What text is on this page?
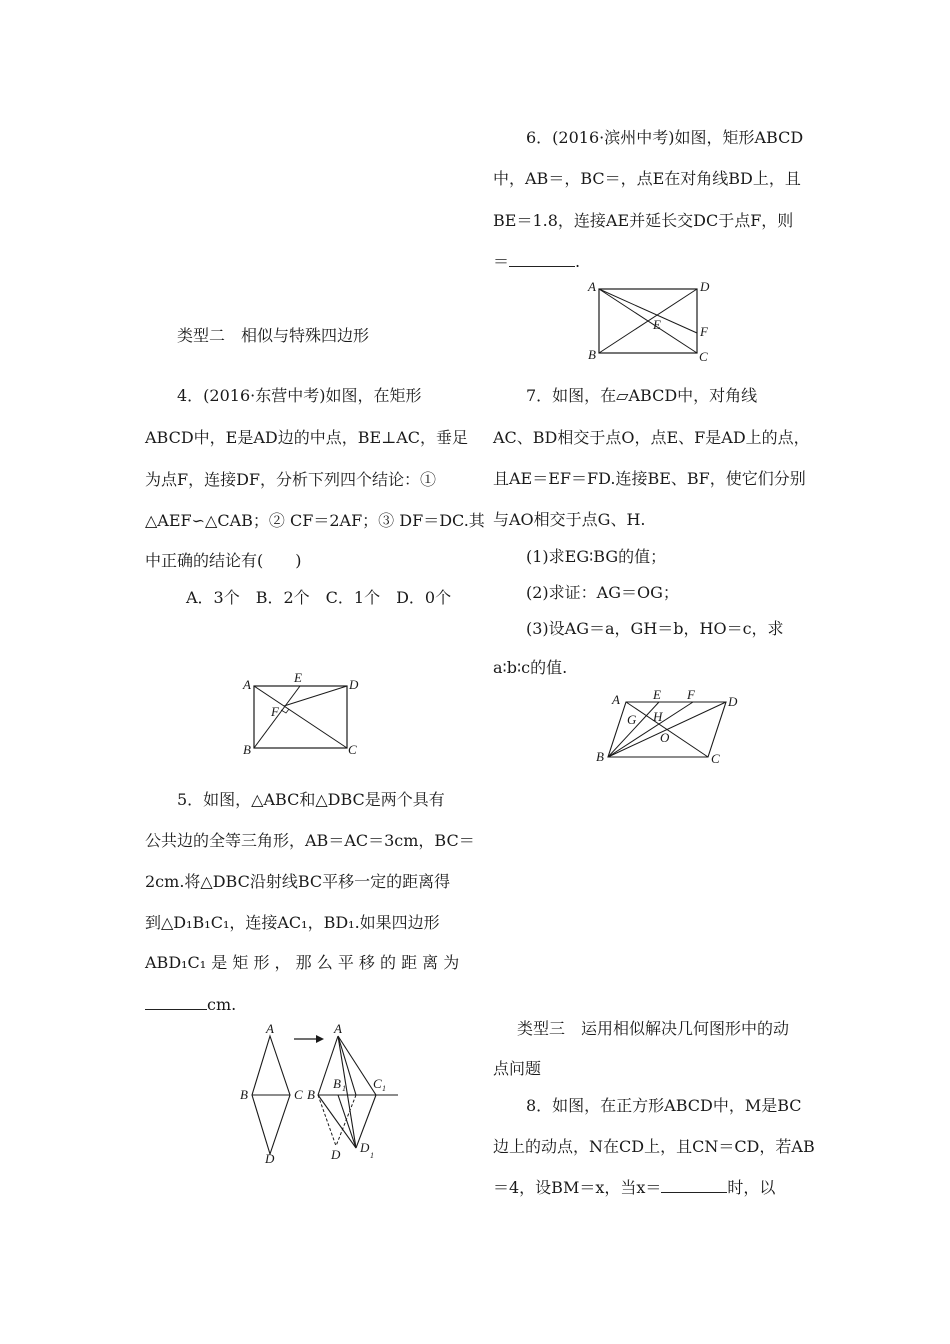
类型二　相似与特殊四边形
4．(2016·东营中考)如图，在矩形
ABCD中，E是AD边的中点，BE⊥AC，垂足
为点F，连接DF，分析下列四个结论：①
△AEF∽△CAB；② CF＝2AF；③ DF＝DC.其
中正确的结论有(　　)
A．3个　B．2个　C．1个　D．0个
A	E	D
F
B	C
5．如图，△ABC和△DBC是两个具有
公共边的全等三角形，AB＝AC＝3cm，BC＝
2cm.将△DBC沿射线BC平移一定的距离得
到△D₁B₁C₁，连接AC₁，BD₁.如果四边形
ABD₁C₁ 是 矩 形 ， 那 么 平 移 的 距 离 为
cm.
A
B	C
D
A
B
B 1 C 1
D D
1
6．(2016·滨州中考)如图，矩形ABCD
中，AB＝，BC＝，点E在对角线BD上，且
BE＝1.8，连接AE并延长交DC于点F，则
＝	.
A	D
E	F
B	C
7．如图，在▱ABCD中，对角线
AC、BD相交于点O，点E、F是AD上的点，
且AE＝EF＝FD.连接BE、BF，使它们分别
与AO相交于点G、H.
(1)求EG∶BG的值；
(2)求证：AG＝OG；
(3)设AG＝a，GH＝b，HO＝c，求
a∶b∶c的值.
A	E F	D
G H
O
B	C
类型三　运用相似解决几何图形中的动
点问题
8．如图，在正方形ABCD中，M是BC
边上的动点，N在CD上，且CN＝CD，若AB
＝4，设BM＝x，当x＝	时，以
